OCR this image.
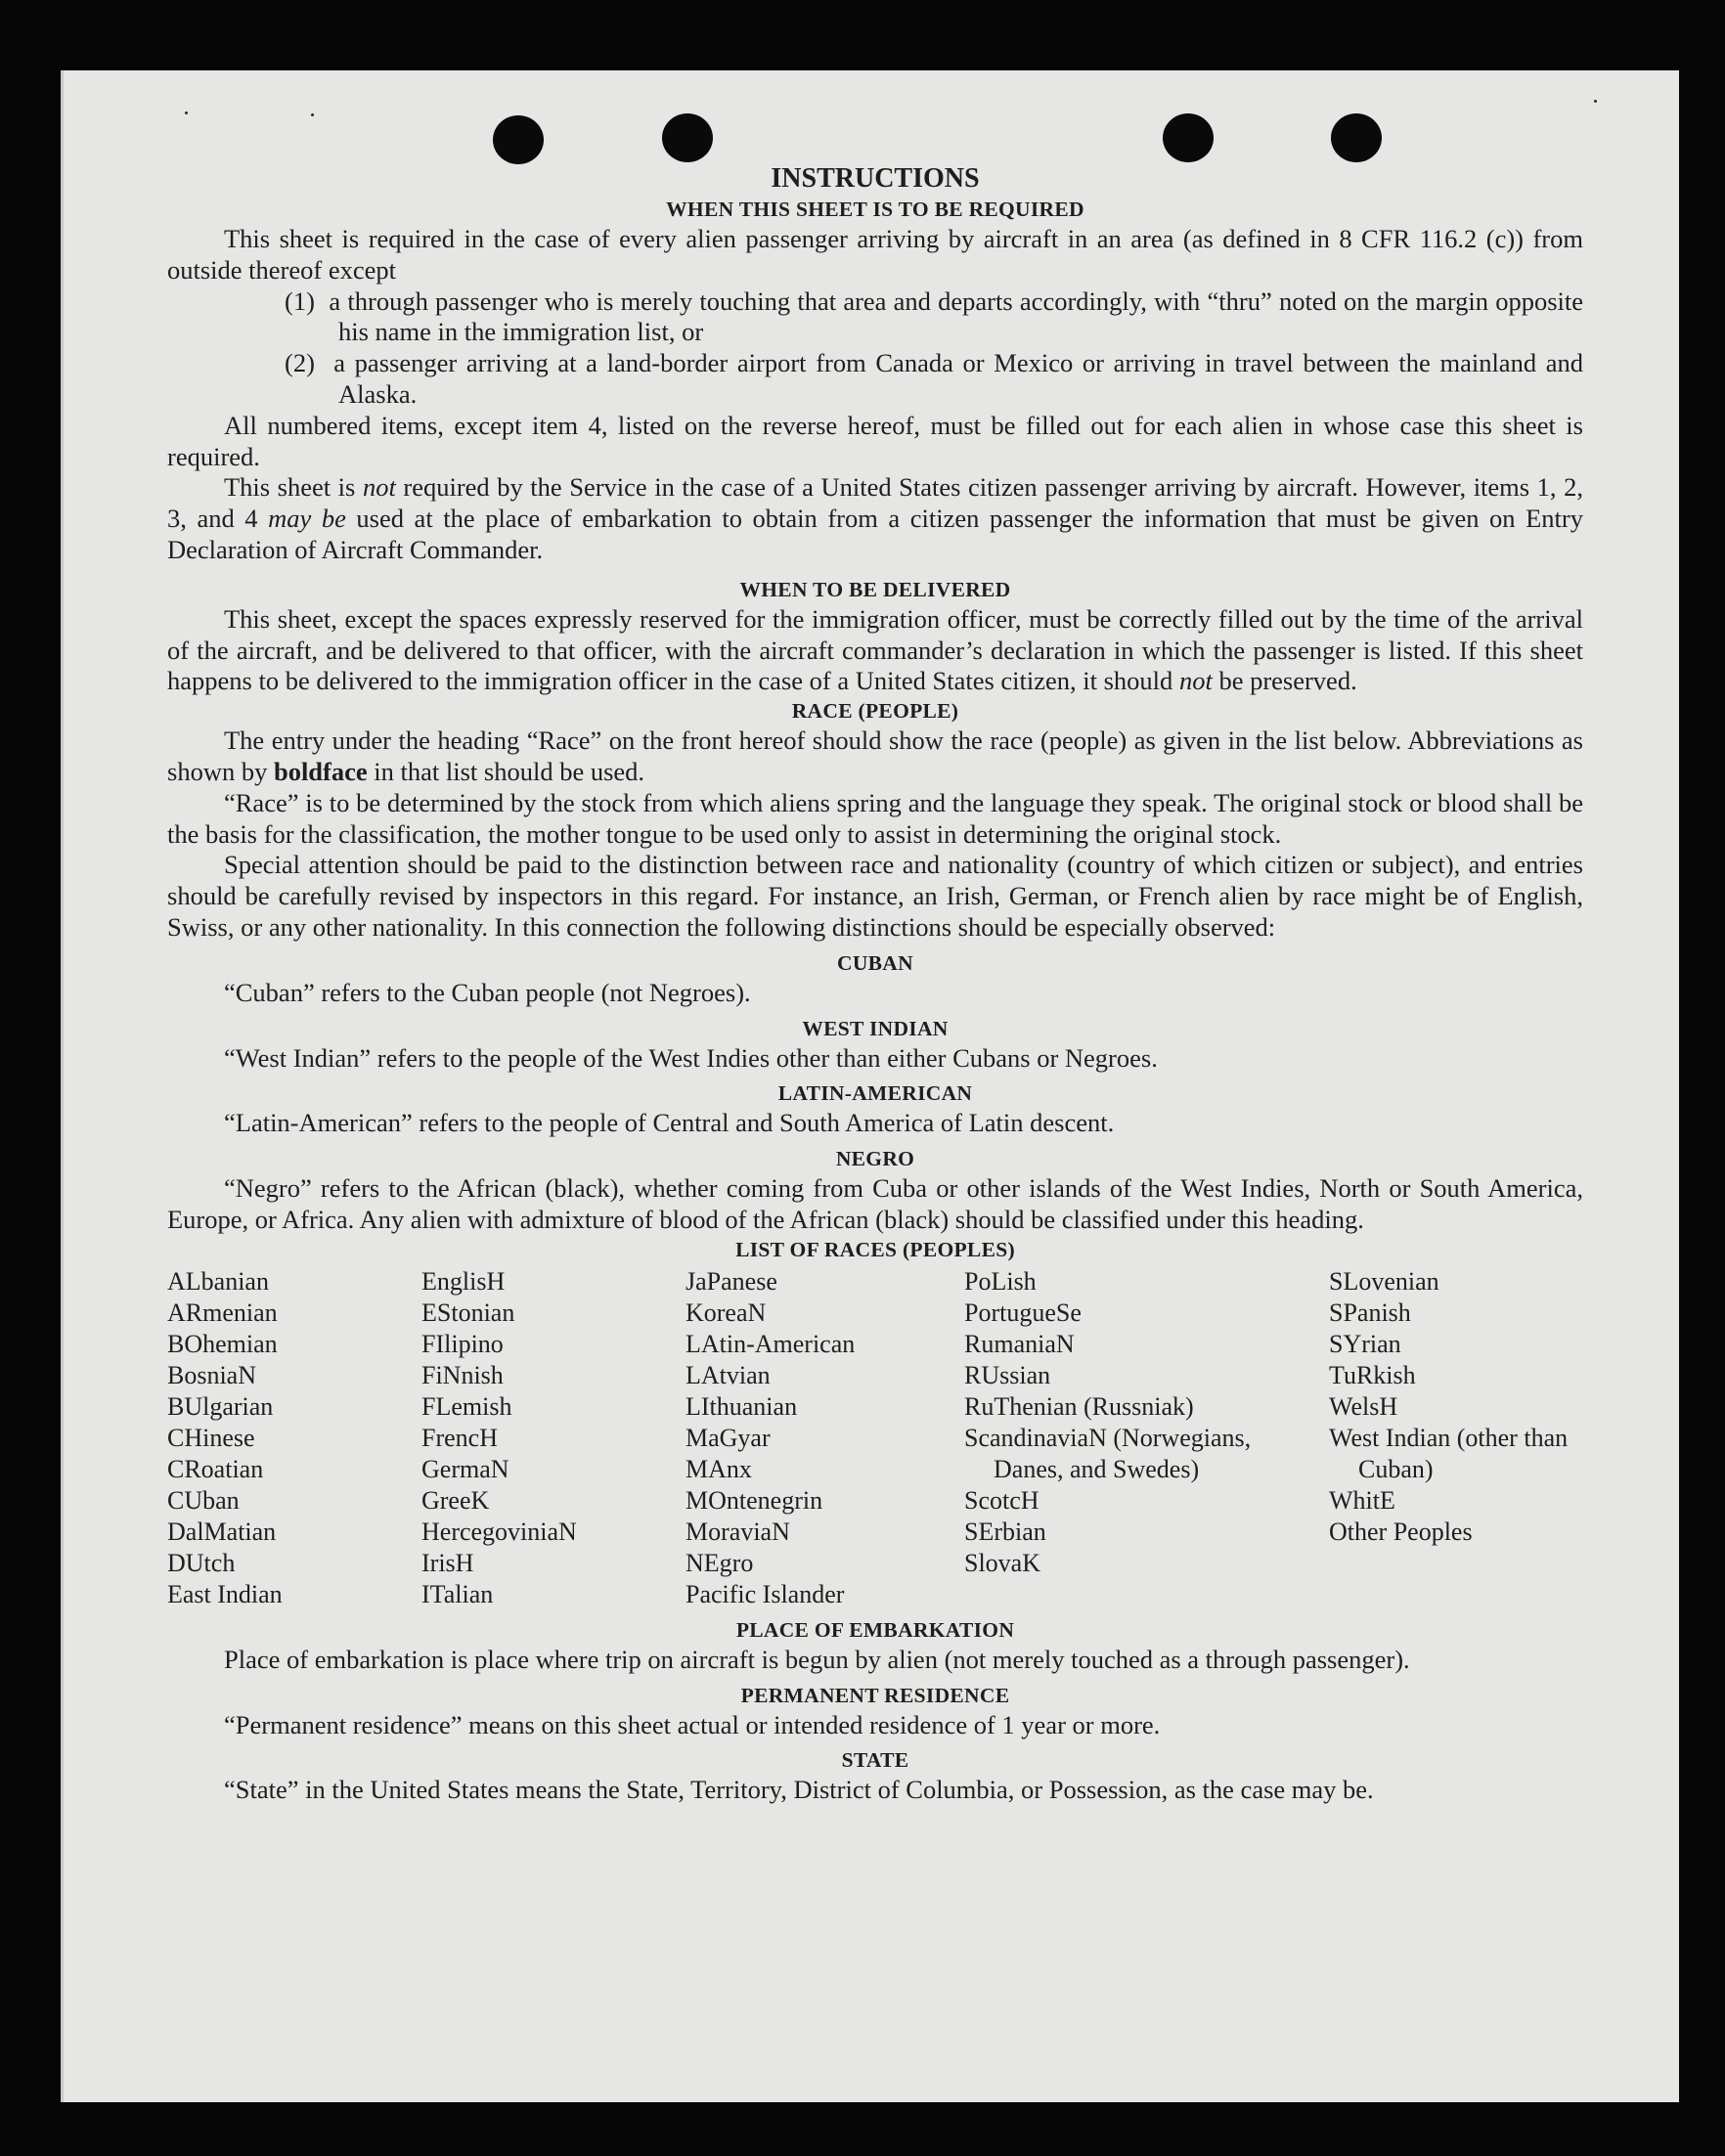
INSTRUCTIONS

WHEN THIS SHEET IS TO BE REQUIRED

This sheet is required in the case of every alien passenger arriving by aircraft in an area (as defined in 8 CFR 116.2 (c)) from outside thereof except

(1) a through passenger who is merely touching that area and departs accordingly, with “thru” noted on the margin opposite his name in the immigration list, or

(2) a passenger arriving at a land-border airport from Canada or Mexico or arriving in travel between the mainland and Alaska.

All numbered items, except item 4, listed on the reverse hereof, must be filled out for each alien in whose case this sheet is required.

This sheet is not required by the Service in the case of a United States citizen passenger arriving by aircraft. However, items 1, 2, 3, and 4 may be used at the place of embarkation to obtain from a citizen passenger the information that must be given on Entry Declaration of Aircraft Commander.

WHEN TO BE DELIVERED

This sheet, except the spaces expressly reserved for the immigration officer, must be correctly filled out by the time of the arrival of the aircraft, and be delivered to that officer, with the aircraft commander’s declaration in which the passenger is listed. If this sheet happens to be delivered to the immigration officer in the case of a United States citizen, it should not be preserved.

RACE (PEOPLE)

The entry under the heading “Race” on the front hereof should show the race (people) as given in the list below. Abbreviations as shown by boldface in that list should be used.

“Race” is to be determined by the stock from which aliens spring and the language they speak. The original stock or blood shall be the basis for the classification, the mother tongue to be used only to assist in determining the original stock.

Special attention should be paid to the distinction between race and nationality (country of which citizen or subject), and entries should be carefully revised by inspectors in this regard. For instance, an Irish, German, or French alien by race might be of English, Swiss, or any other nationality. In this connection the following distinctions should be especially observed:

CUBAN

“Cuban” refers to the Cuban people (not Negroes).

WEST INDIAN

“West Indian” refers to the people of the West Indies other than either Cubans or Negroes.

LATIN-AMERICAN

“Latin-American” refers to the people of Central and South America of Latin descent.

NEGRO

“Negro” refers to the African (black), whether coming from Cuba or other islands of the West Indies, North or South America, Europe, or Africa. Any alien with admixture of blood of the African (black) should be classified under this heading.

LIST OF RACES (PEOPLES)

ALbanian
ARmenian
BOhemian
BosniaN
BUlgarian
CHinese
CRoatian
CUban
DalMatian
DUtch
East Indian
EnglisH
EStonian
FIlipino
FiNnish
FLemish
FrencH
GermaN
GreeK
HercegoviniaN
IrisH
ITalian
JaPanese
KoreaN
LAtin-American
LAtvian
LIthuanian
MaGyar
MAnx
MOntenegrin
MoraviaN
NEgro
Pacific Islander
PoLish
PortugueSe
RumaniaN
RUssian
RuThenian (Russniak)
ScandinaviaN (Norwegians, Danes, and Swedes)
ScotcH
SErbian
SlovaK
SLovenian
SPanish
SYrian
TuRkish
WelsH
West Indian (other than Cuban)
WhitE
Other Peoples

PLACE OF EMBARKATION

Place of embarkation is place where trip on aircraft is begun by alien (not merely touched as a through passenger).

PERMANENT RESIDENCE

“Permanent residence” means on this sheet actual or intended residence of 1 year or more.

STATE

“State” in the United States means the State, Territory, District of Columbia, or Possession, as the case may be.
